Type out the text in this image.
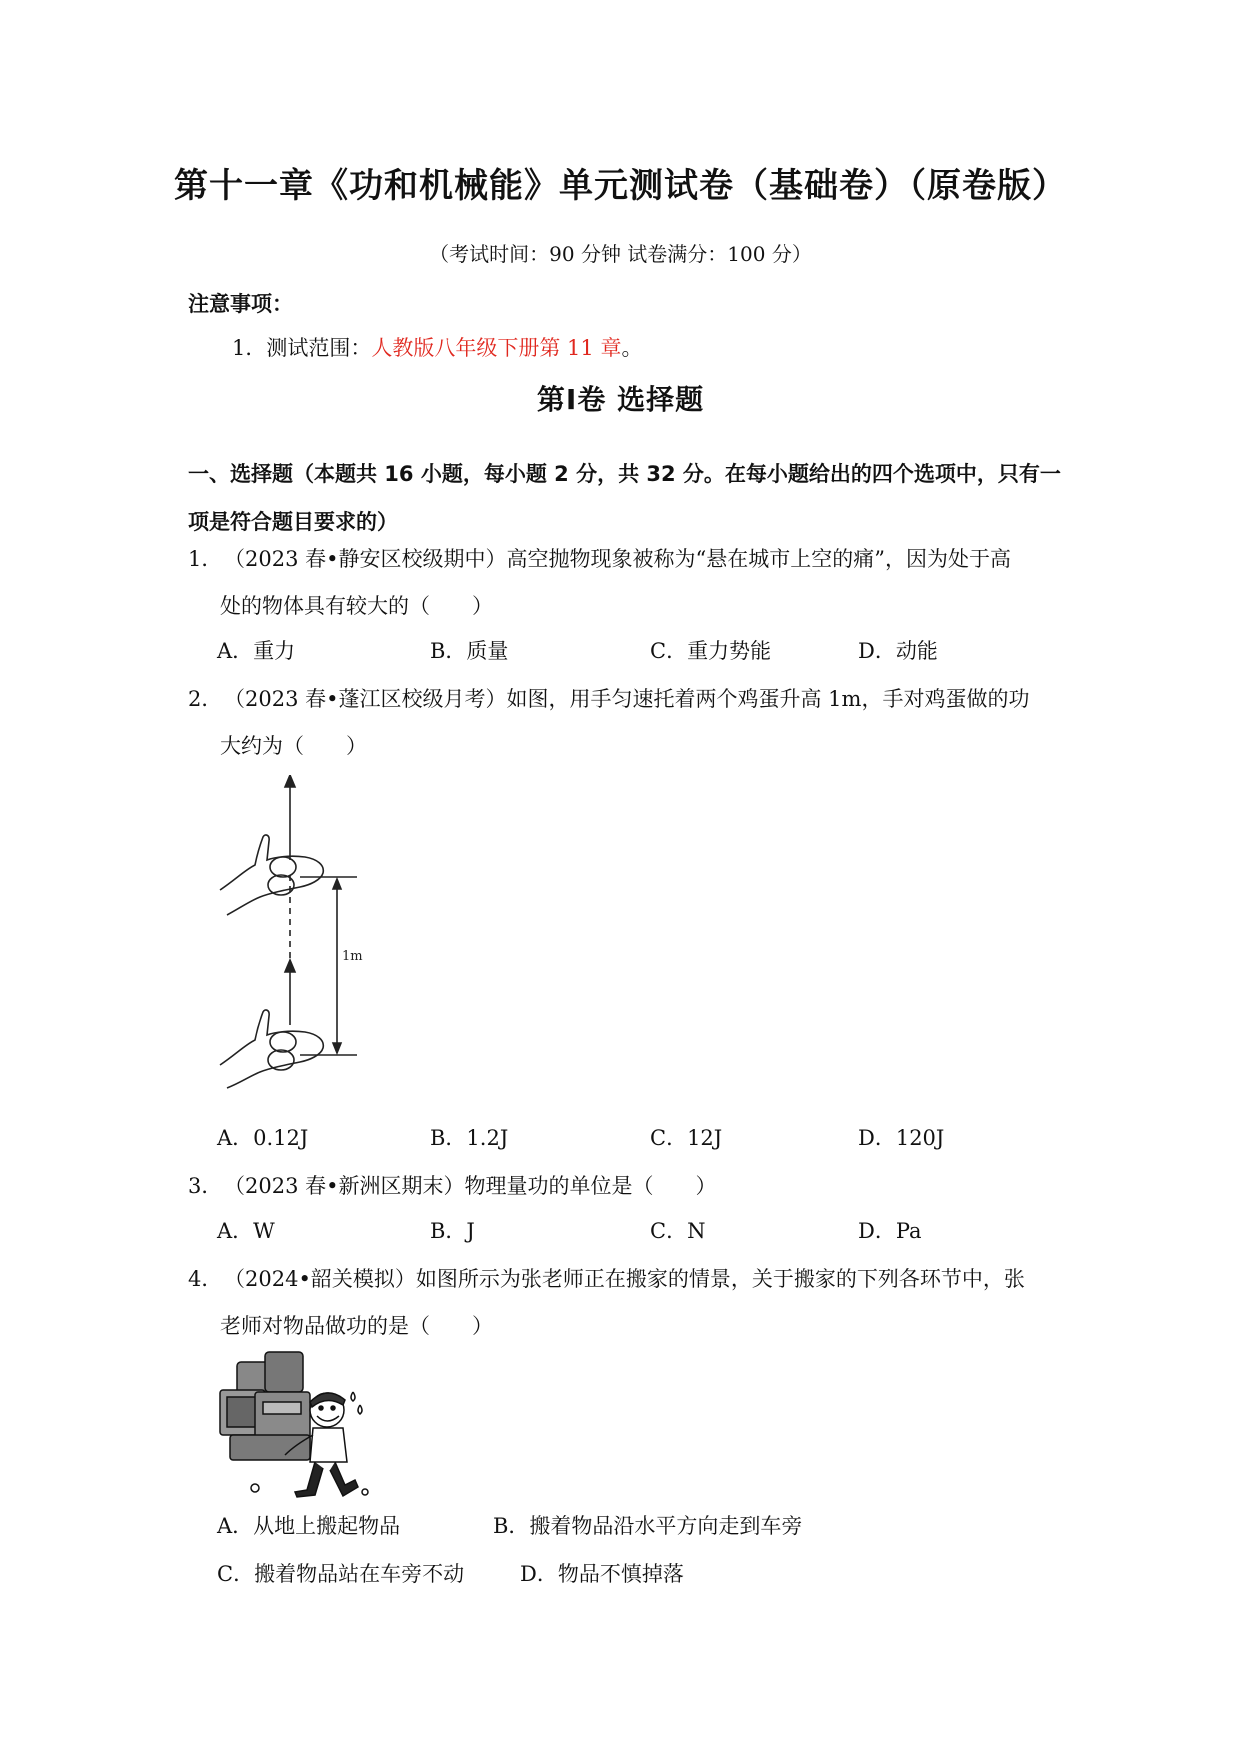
第十一章《功和机械能》单元测试卷（基础卷）（原卷版）
（考试时间：90 分钟 试卷满分：100 分）
注意事项：
1．测试范围：人教版八年级下册第 11 章。
第Ⅰ卷 选择题
一、选择题（本题共 16 小题，每小题 2 分，共 32 分。在每小题给出的四个选项中，只有一项是符合题目要求的）
1．（2023 春•静安区校级期中）高空抛物现象被称为“悬在城市上空的痛”，因为处于高
处的物体具有较大的（　　）
A．重力	B．质量	C．重力势能	D．动能
2．（2023 春•蓬江区校级月考）如图，用手匀速托着两个鸡蛋升高 1m，手对鸡蛋做的功
大约为（　　）
1m
A．0.12J	B．1.2J	C．12J	D．120J
3．（2023 春•新洲区期末）物理量功的单位是（　　）
A．W	B．J	C．N	D．Pa
4．（2024•韶关模拟）如图所示为张老师正在搬家的情景，关于搬家的下列各环节中，张
老师对物品做功的是（　　）
A．从地上搬起物品	B．搬着物品沿水平方向走到车旁
C．搬着物品站在车旁不动	D．物品不慎掉落
